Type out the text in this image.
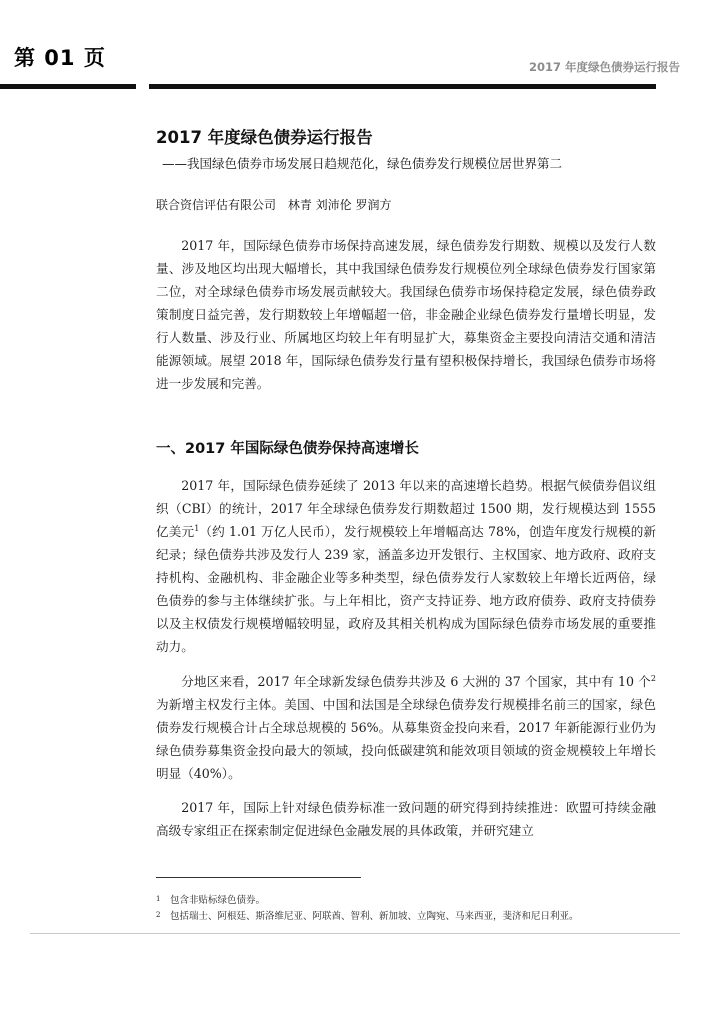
第 01 页	2017 年度绿色债券运行报告
2017 年度绿色债券运行报告
——我国绿色债券市场发展日趋规范化，绿色债券发行规模位居世界第二
联合资信评估有限公司 林青 刘沛伦 罗润方

2017 年，国际绿色债券市场保持高速发展，绿色债券发行期数、规模以及发行人数量、涉及地区均出现大幅增长，其中我国绿色债券发行规模位列全球绿色债券发行国家第二位，对全球绿色债券市场发展贡献较大。我国绿色债券市场保持稳定发展，绿色债券政策制度日益完善，发行期数较上年增幅超一倍，非金融企业绿色债券发行量增长明显，发行人数量、涉及行业、所属地区均较上年有明显扩大，募集资金主要投向清洁交通和清洁能源领域。展望 2018 年，国际绿色债券发行量有望积极保持增长，我国绿色债券市场将进一步发展和完善。

一、2017 年国际绿色债券保持高速增长

2017 年，国际绿色债券延续了 2013 年以来的高速增长趋势。根据气候债券倡议组织（CBI）的统计，2017 年全球绿色债券发行期数超过 1500 期，发行规模达到 1555 亿美元$^1$（约 1.01 万亿人民币），发行规模较上年增幅高达 78%，创造年度发行规模的新纪录；绿色债券共涉及发行人 239 家，涵盖多边开发银行、主权国家、地方政府、政府支持机构、金融机构、非金融企业等多种类型，绿色债券发行人家数较上年增长近两倍，绿色债券的参与主体继续扩张。与上年相比，资产支持证券、地方政府债券、政府支持债券以及主权债发行规模增幅较明显，政府及其相关机构成为国际绿色债券市场发展的重要推动力。

分地区来看，2017 年全球新发绿色债券共涉及 6 大洲的 37 个国家，其中有 10 个$^2$为新增主权发行主体。美国、中国和法国是全球绿色债券发行规模排名前三的国家，绿色债券发行规模合计占全球总规模的 56%。从募集资金投向来看，2017 年新能源行业仍为绿色债券募集资金投向最大的领域，投向低碳建筑和能效项目领域的资金规模较上年增长明显（40%）。

2017 年，国际上针对绿色债券标准一致问题的研究得到持续推进：欧盟可持续金融高级专家组正在探索制定促进绿色金融发展的具体政策，并研究建立

1	包含非贴标绿色债券。
2	包括瑞士、阿根廷、斯洛维尼亚、阿联酋、智利、新加坡、立陶宛、马来西亚，斐济和尼日利亚。
